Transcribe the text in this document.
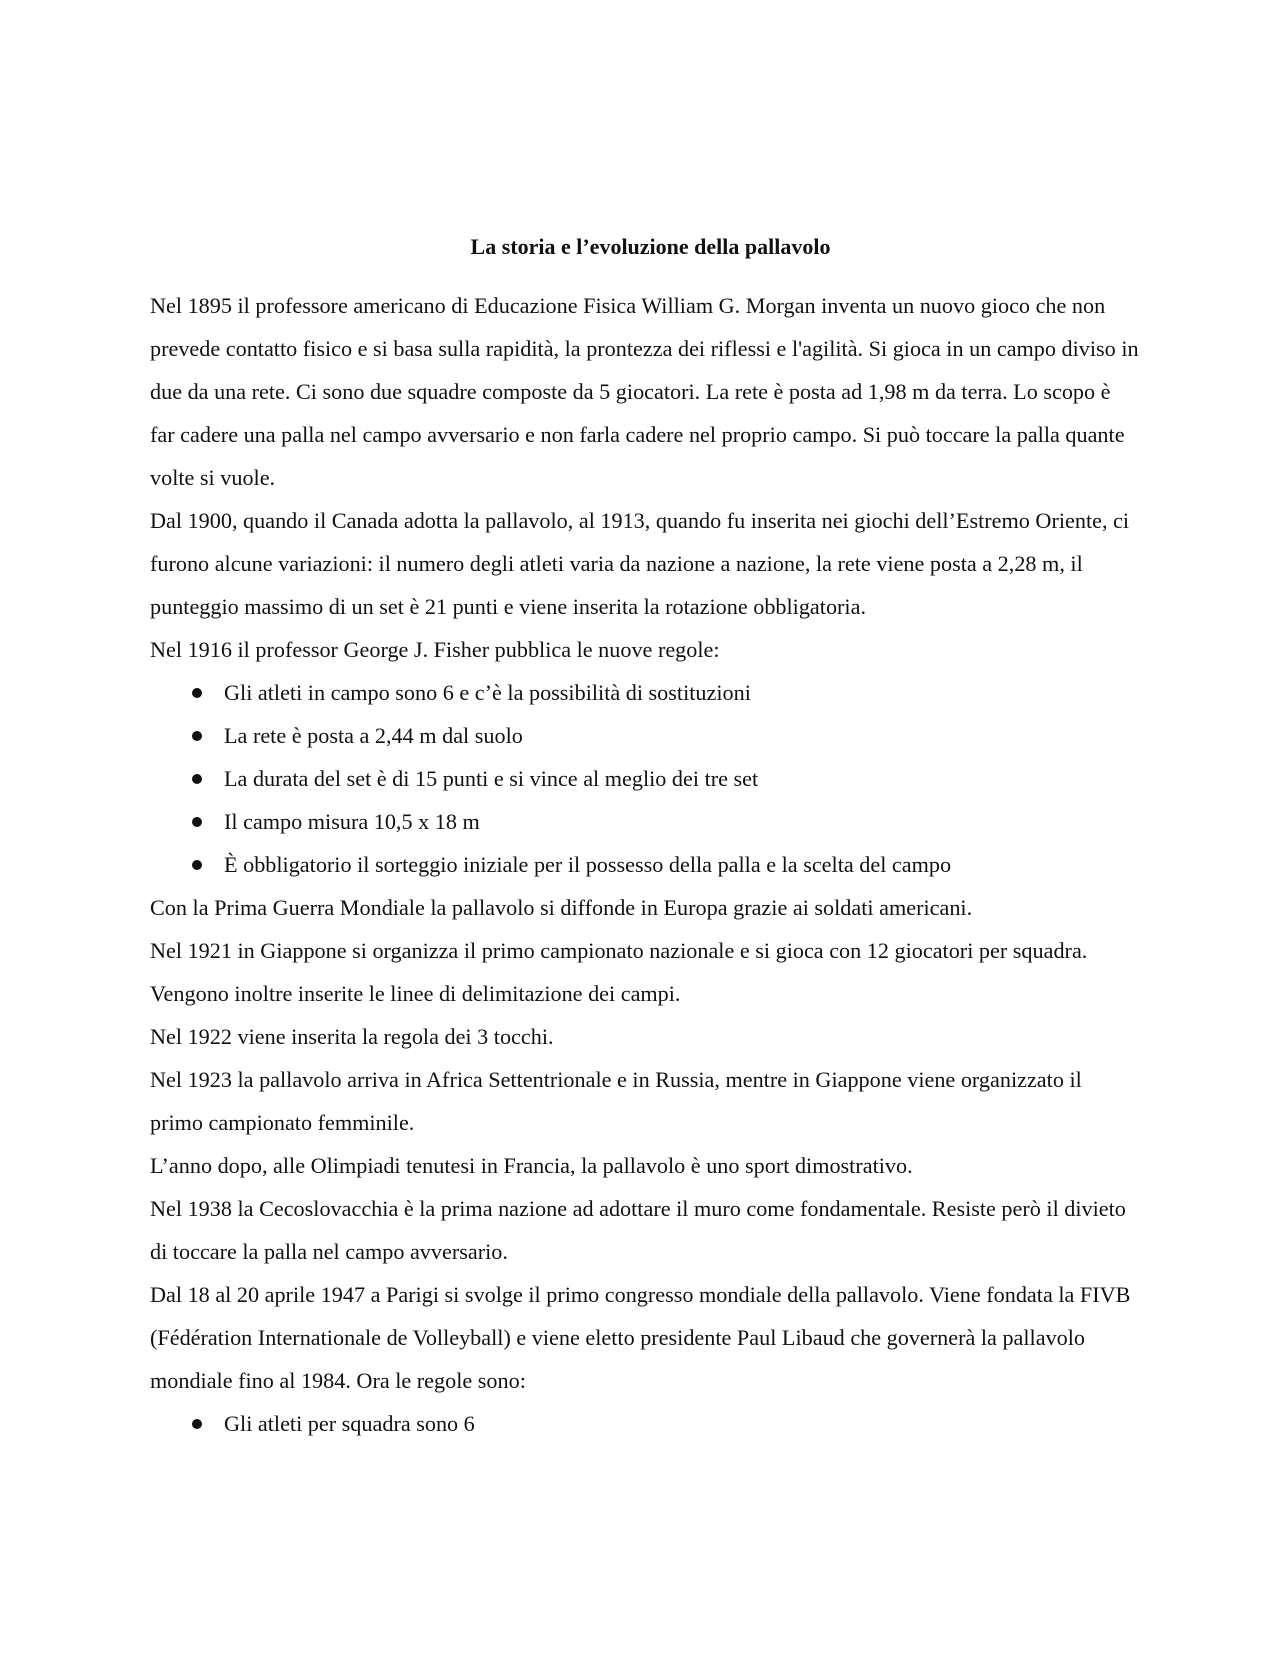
La storia e l’evoluzione della pallavolo

Nel 1895 il professore americano di Educazione Fisica William G. Morgan inventa un nuovo gioco che non prevede contatto fisico e si basa sulla rapidità, la prontezza dei riflessi e l'agilità. Si gioca in un campo diviso in due da una rete. Ci sono due squadre composte da 5 giocatori. La rete è posta ad 1,98 m da terra. Lo scopo è far cadere una palla nel campo avversario e non farla cadere nel proprio campo. Si può toccare la palla quante volte si vuole.

Dal 1900, quando il Canada adotta la pallavolo, al 1913, quando fu inserita nei giochi dell’Estremo Oriente, ci furono alcune variazioni: il numero degli atleti varia da nazione a nazione, la rete viene posta a 2,28 m, il punteggio massimo di un set è 21 punti e viene inserita la rotazione obbligatoria.

Nel 1916 il professor George J. Fisher pubblica le nuove regole:

Gli atleti in campo sono 6 e c’è la possibilità di sostituzioni
La rete è posta a 2,44 m dal suolo
La durata del set è di 15 punti e si vince al meglio dei tre set
Il campo misura 10,5 x 18 m
È obbligatorio il sorteggio iniziale per il possesso della palla e la scelta del campo

Con la Prima Guerra Mondiale la pallavolo si diffonde in Europa grazie ai soldati americani.

Nel 1921 in Giappone si organizza il primo campionato nazionale e si gioca con 12 giocatori per squadra. Vengono inoltre inserite le linee di delimitazione dei campi.

Nel 1922 viene inserita la regola dei 3 tocchi.

Nel 1923 la pallavolo arriva in Africa Settentrionale e in Russia, mentre in Giappone viene organizzato il primo campionato femminile.

L’anno dopo, alle Olimpiadi tenutesi in Francia, la pallavolo è uno sport dimostrativo.

Nel 1938 la Cecoslovacchia è la prima nazione ad adottare il muro come fondamentale. Resiste però il divieto di toccare la palla nel campo avversario.

Dal 18 al 20 aprile 1947 a Parigi si svolge il primo congresso mondiale della pallavolo. Viene fondata la FIVB (Fédération Internationale de Volleyball) e viene eletto presidente Paul Libaud che governerà la pallavolo mondiale fino al 1984. Ora le regole sono:

Gli atleti per squadra sono 6
